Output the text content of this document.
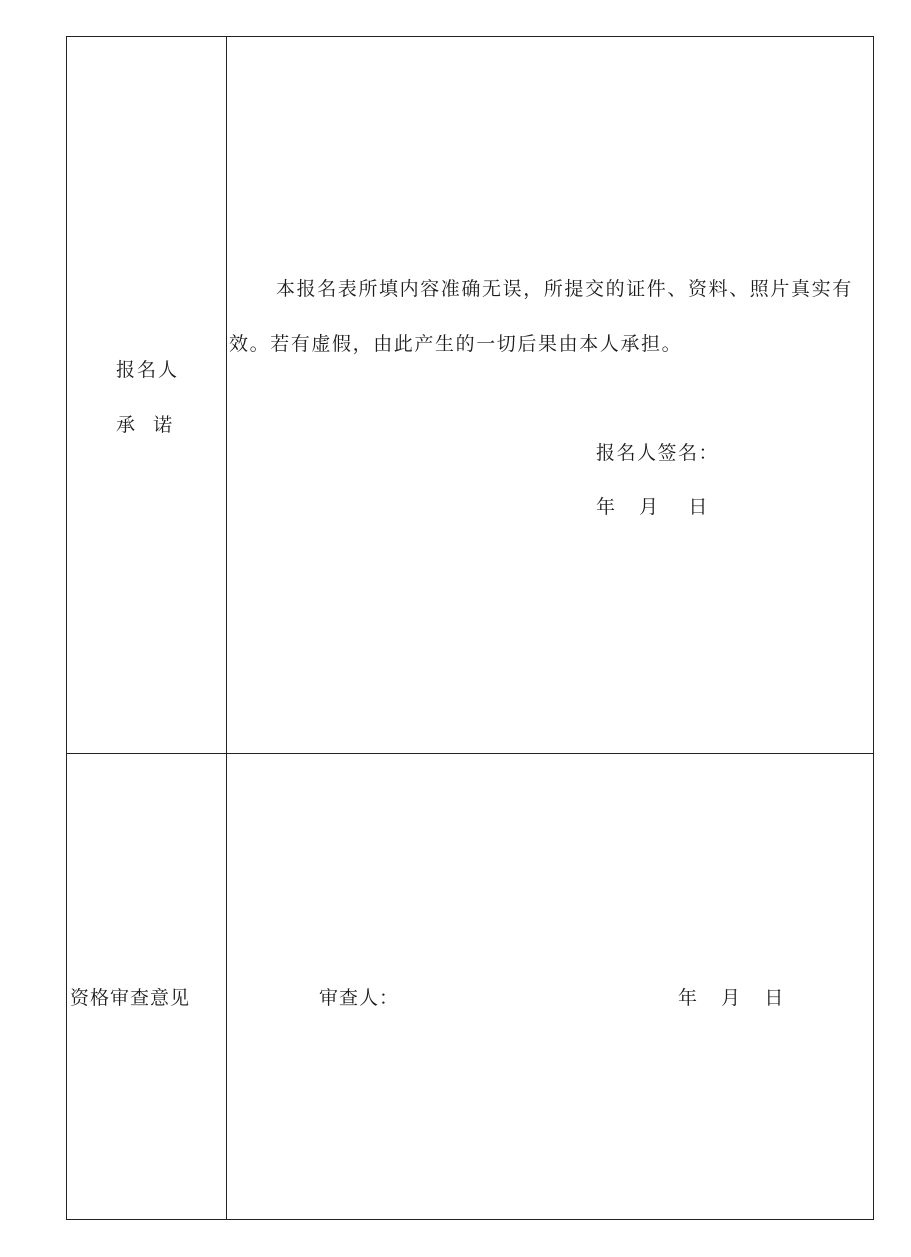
报名人
承  诺
本报名表所填内容准确无误，所提交的证件、资料、照片真实有
效。若有虚假，由此产生的一切后果由本人承担。
报名人签名：
年    月     日
资格审查意见	审查人：	年    月    日
